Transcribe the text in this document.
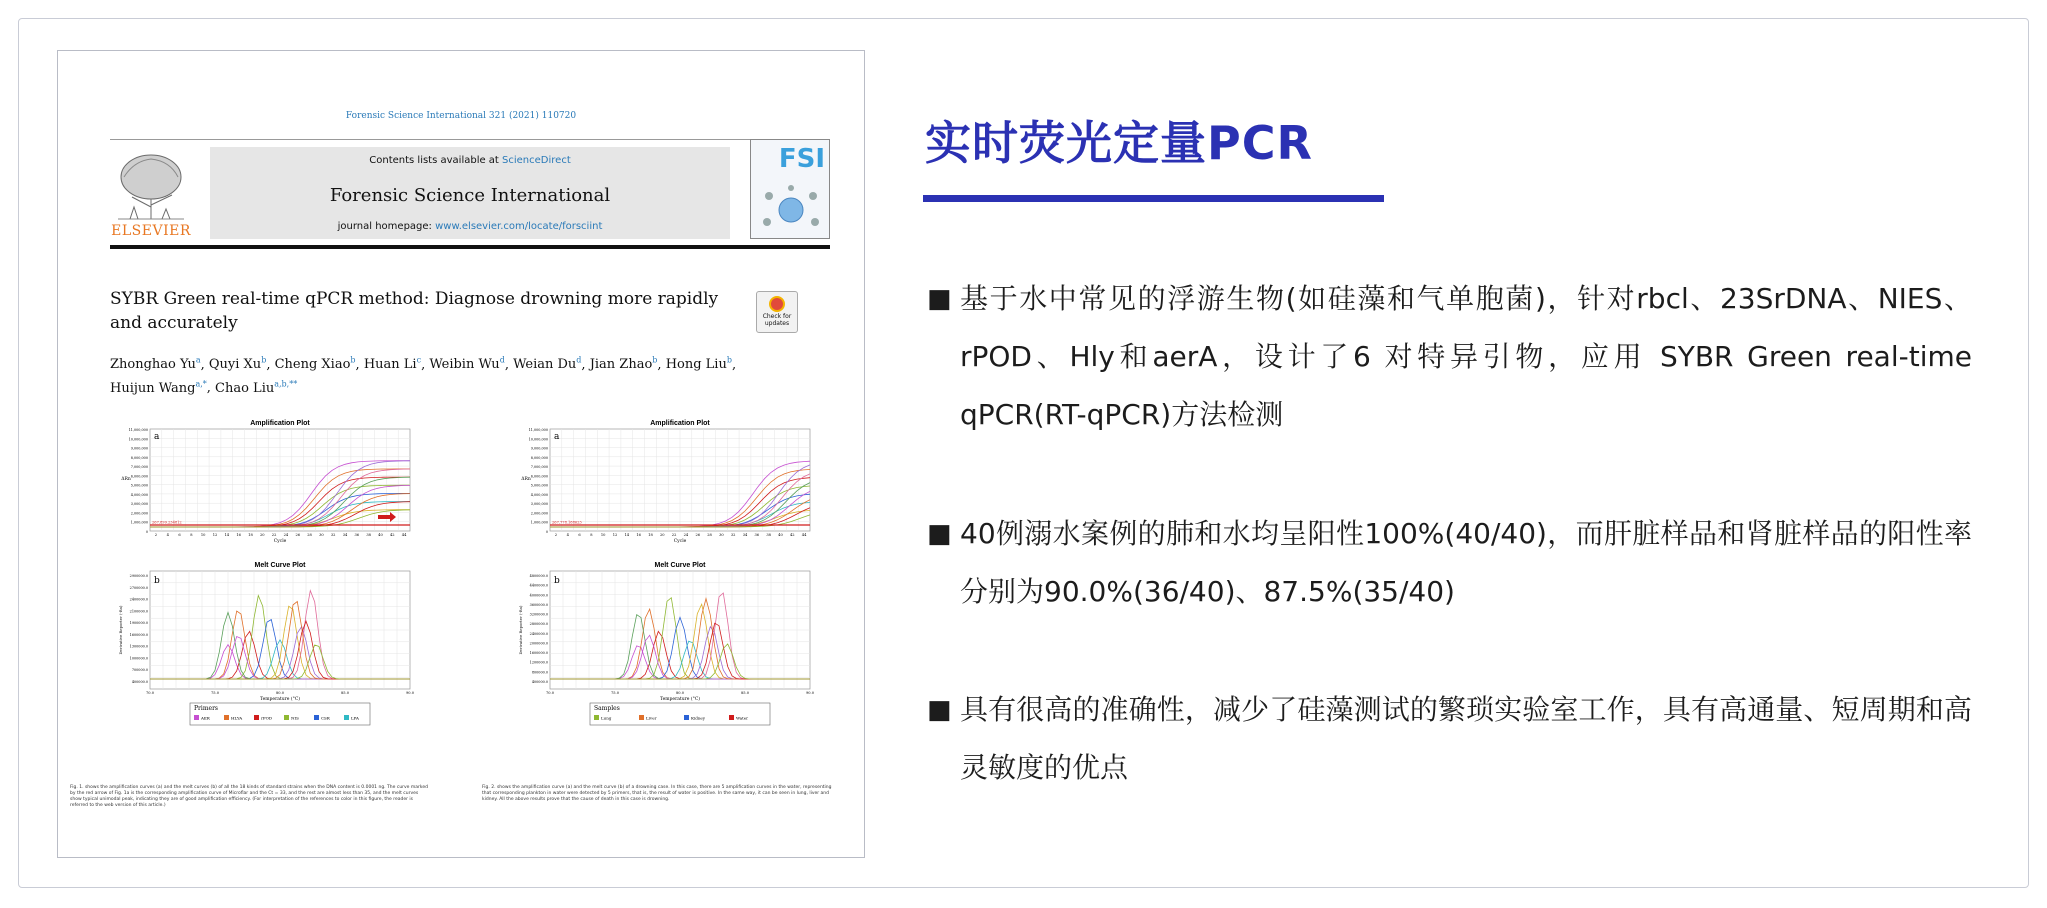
Forensic Science International 321 (2021) 110720
ELSEVIER
Contents lists available at ScienceDirect
Forensic Science International
journal homepage: www.elsevier.com/locate/forsciint
FSI
SYBR Green real-time qPCR method: Diagnose drowning more rapidly and accurately	Check for updates
Zhonghao Yu$^a$, Quyi Xu$^b$, Cheng Xiao$^b$, Huan Li$^c$, Weibin Wu$^d$, Weian Du$^d$, Jian Zhao$^b$, Hong Liu$^b$, Huijun Wang$^{a,*}$, Chao Liu$^{a,b,**}$
Amplification Plot
11,000,000
10,000,000
9,000,000
8,000,000
7,000,000
6,000,000
5,000,000
4,000,000
3,000,000
2,000,000
1,000,000
0
2	4	6	8 10 12 14 16 18 20 22 24 26 28 30 32 34 36 38 40 42 44
Cycle
ΔRn
a
267,899.234812
Melt Curve Plot
2900000.0
2700000.0
2400000.0
2100000.0
1900000.0
1600000.0
1300000.0
1000000.0
700000.0
400000.0
70.0	75.0	80.0	85.0	90.0
Temperature (°C)
Derivative Reporter (-Rn)
b
Primers
AER	HLYA	rPOD	NIS	CSR	LPA
Amplification Plot
11,000,000
10,000,000
9,000,000
8,000,000
7,000,000
6,000,000
5,000,000
4,000,000
3,000,000
2,000,000
1,000,000
0
2	4	6	8 10 12 14 16 18 20 22 24 26 28 30 32 34 36 38 40 42 44
Cycle
ΔRn
a
267,778.188623
Melt Curve Plot
4800000.0
4400000.0
4000000.0
3600000.0
3200000.0
2800000.0
2400000.0
2000000.0
1600000.0
1200000.0
800000.0
400000.0
70.0	75.0	80.0	85.0	90.0
Temperature (°C)
Derivative Reporter (-Rn)
b
Samples
Lung	Liver	Kidney	Water
Fig. 1. shows the amplification curves (a) and the melt curves (b) of all the 18 kinds of standard strains when the DNA content is 0.0001 ng. The curve marked by the red arrow of Fig. 1a is the corresponding amplification curve of Microflar and the Ct = 33, and the rest are almost less than 35, and the melt curves show typical unimodal peak, indicating they are of good amplification efficiency. (For interpretation of the references to color in this figure, the reader is referred to the web version of this article.)
Fig. 2. shows the amplification curve (a) and the melt curve (b) of a drowning case. In this case, there are 5 amplification curves in the water, representing that corresponding plankton in water were detected by 5 primers, that is, the result of water is positive. In the same way, it can be seen in lung, liver and kidney. All the above results prove that the cause of death in this case is drowning.
实时荧光定量PCR
■ 基于水中常见的浮游生物(如硅藻和气单胞菌)，针对rbcl、23SrDNA、NIES、rPOD、Hly和aerA，设计了6 对特异引物，应用 SYBR Green real-time qPCR(RT-qPCR)方法检测
■ 40例溺水案例的肺和水均呈阳性100%(40/40)，而肝脏样品和肾脏样品的阳性率分别为90.0%(36/40)、87.5%(35/40)
■ 具有很高的准确性，减少了硅藻测试的繁琐实验室工作，具有高通量、短周期和高灵敏度的优点
